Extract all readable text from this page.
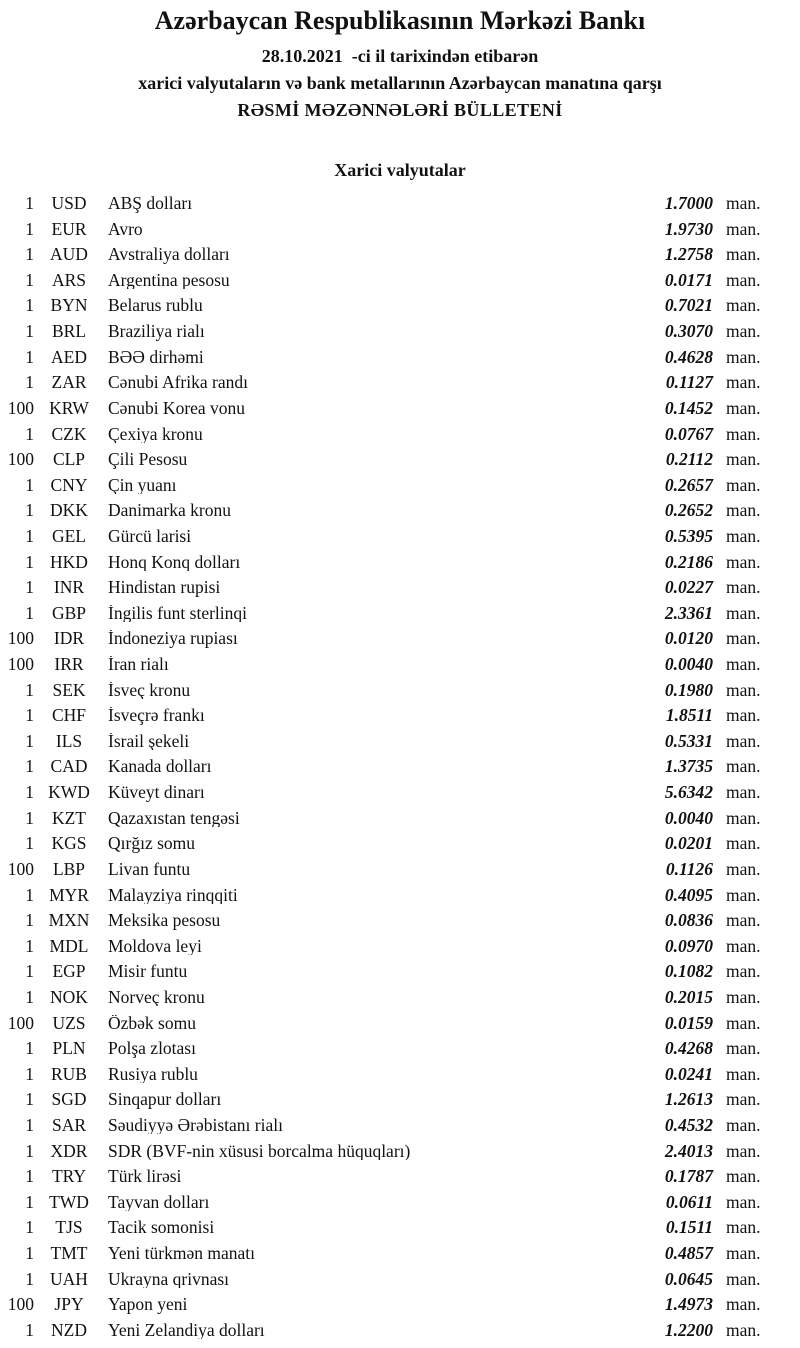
Azərbaycan Respublikasının Mərkəzi Bankı
28.10.2021 -ci il tarixindən etibarən
xarici valyutaların və bank metallarının Azərbaycan manatına qarşı
RƏSMİ MƏZƏNNƏLƏRİ BÜLLETENİ
Xarici valyutalar
1 USD	ABŞ dolları	1.7000 man.
1	EUR	Avro	1.9730 man.
1 AUD	Avstraliya dolları	1.2758 man.
1	ARS	Argentina pesosu	0.0171 man.
1 BYN	Belarus rublu	0.7021 man.
1	BRL	Braziliya rialı	0.3070 man.
1 AED	BƏƏ dirhəmi	0.4628 man.
1	ZAR	Cənubi Afrika randı	0.1127 man.
100 KRW	Cənubi Korea vonu	0.1452 man.
1	CZK	Çexiya kronu	0.0767 man.
100	CLP	Çili Pesosu	0.2112 man.
1 CNY	Çin yuanı	0.2657 man.
1 DKK	Danimarka kronu	0.2652 man.
1	GEL	Gürcü larisi	0.5395 man.
1 HKD	Honq Konq dolları	0.2186 man.
1	INR	Hindistan rupisi	0.0227 man.
1	GBP	İngilis funt sterlinqi	2.3361 man.
100	IDR	İndoneziya rupiası	0.0120 man.
100	IRR	İran rialı	0.0040 man.
1	SEK	İsveç kronu	0.1980 man.
1	CHF	İsveçrə frankı	1.8511 man.
1	ILS	İsrail şekeli	0.5331 man.
1 CAD	Kanada dolları	1.3735 man.
1 KWD	Küveyt dinarı	5.6342 man.
1	KZT	Qazaxıstan tengəsi	0.0040 man.
1 KGS	Qırğız somu	0.0201 man.
100	LBP	Livan funtu	0.1126 man.
1 MYR	Malayziya rinqqiti	0.4095 man.
1 MXN	Meksika pesosu	0.0836 man.
1 MDL	Moldova leyi	0.0970 man.
1	EGP	Misir funtu	0.1082 man.
1 NOK	Norveç kronu	0.2015 man.
100	UZS	Özbək somu	0.0159 man.
1	PLN	Polşa zlotası	0.4268 man.
1 RUB	Rusiya rublu	0.0241 man.
1 SGD	Sinqapur dolları	1.2613 man.
1	SAR	Səudiyyə Ərəbistanı rialı	0.4532 man.
1 XDR	SDR (BVF-nin xüsusi borcalma hüquqları)	2.4013 man.
1	TRY	Türk lirəsi	0.1787 man.
1 TWD	Tayvan dolları	0.0611 man.
1	TJS	Tacik somonisi	0.1511 man.
1 TMT	Yeni türkmən manatı	0.4857 man.
1 UAH	Ukrayna qrivnası	0.0645 man.
100	JPY	Yapon yeni	1.4973 man.
1 NZD	Yeni Zelandiya dolları	1.2200 man.
